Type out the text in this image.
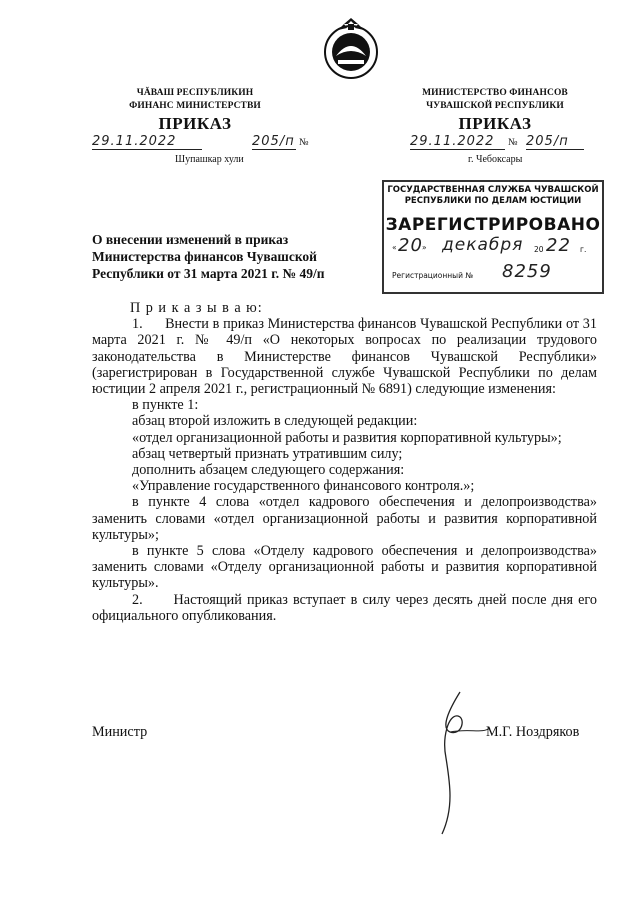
ЧĂВАШ РЕСПУБЛИКИН
ФИНАНС МИНИСТЕРСТВИ
МИНИСТЕРСТВО ФИНАНСОВ
ЧУВАШСКОЙ РЕСПУБЛИКИ
ПРИКАЗ	ПРИКАЗ
29.11.2022	205/п №
Шупашкар хули
29.11.2022	№ 205/п
г. Чебоксары
ГОСУДАРСТВЕННАЯ СЛУЖБА ЧУВАШСКОЙ
РЕСПУБЛИКИ ПО ДЕЛАМ ЮСТИЦИИ
ЗАРЕГИСТРИРОВАНО
« 20 » декабря 20 22 г.
Регистрационный № 8259
О внесении изменений в приказ
Министерства финансов Чувашской
Республики от 31 марта 2021 г. № 49/п

П р и к а з ы в а ю:

1.      Внести в приказ Министерства финансов Чувашской Республики от 31 марта 2021 г. № 49/п «О некоторых вопросах по реализации трудового законодательства в Министерстве финансов Чувашской Республики» (зарегистрирован в Государственной службе Чувашской Республики по делам юстиции 2 апреля 2021 г., регистрационный № 6891) следующие изменения:

в пункте 1:

абзац второй изложить в следующей редакции:

«отдел организационной работы и развития корпоративной культуры»;

абзац четвертый признать утратившим силу;

дополнить абзацем следующего содержания:

«Управление государственного финансового контроля.»;

в пункте 4 слова «отдел кадрового обеспечения и делопроизводства» заменить словами «отдел организационной работы и развития корпоративной культуры»;

в пункте 5 слова «Отделу кадрового обеспечения и делопроизводства» заменить словами «Отделу организационной работы и развития корпоративной культуры».

2.      Настоящий приказ вступает в силу через десять дней после дня его официального опубликования.

Министр	М.Г. Ноздряков
